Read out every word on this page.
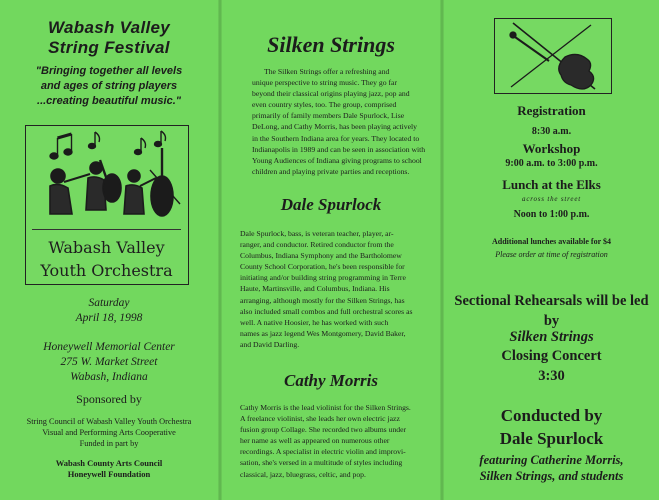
Wabash Valley
String Festival
"Bringing together all levels
and ages of string players
...creating beautiful music."
Wabash Valley
Youth Orchestra
Saturday
April 18, 1998
Honeywell Memorial Center
275 W. Market Street
Wabash, Indiana
Sponsored by
String Council of Wabash Valley Youth Orchestra
Visual and Performing Arts Cooperative
Funded in part by
Wabash County Arts Council
Honeywell Foundation
Silken Strings
The Silken Strings offer a refreshing and
unique perspective to string music. They go far
beyond their classical origins playing jazz, pop and
even country styles, too. The group, comprised
primarily of family members Dale Spurlock, Lise
DeLong, and Cathy Morris, has been playing actively
in the Southern Indiana area for years. They located to
Indianapolis in 1989 and can be seen in association with
Young Audiences of Indiana giving programs to school
children and playing private parties and receptions.
Dale Spurlock
Dale Spurlock, bass, is veteran teacher, player, ar-
ranger, and conductor. Retired conductor from the
Columbus, Indiana Symphony and the Bartholomew
County School Corporation, he's been responsible for
initiating and/or building string programming in Terre
Haute, Martinsville, and Columbus, Indiana. His
arranging, although mostly for the Silken Strings, has
also included small combos and full orchestral scores as
well. A native Hoosier, he has worked with such
names as jazz legend Wes Montgomery, David Baker,
and David Darling.
Cathy Morris
Cathy Morris is the lead violinist for the Silken Strings.
A freelance violinist, she leads her own electric jazz
fusion group Collage. She recorded two albums under
her name as well as appeared on numerous other
recordings. A specialist in electric violin and improvi-
sation, she's versed in a multitude of styles including
classical, jazz, bluegrass, celtic, and pop.
Registration
8:30 a.m.
Workshop
9:00 a.m. to 3:00 p.m.
Lunch at the Elks
across the street
Noon to 1:00 p.m.
Additional lunches available for $4
Please order at time of registration
Sectional Rehearsals will be led
by
Silken Strings
Closing Concert
3:30
Conducted by
Dale Spurlock
featuring Catherine Morris,
Silken Strings, and students
